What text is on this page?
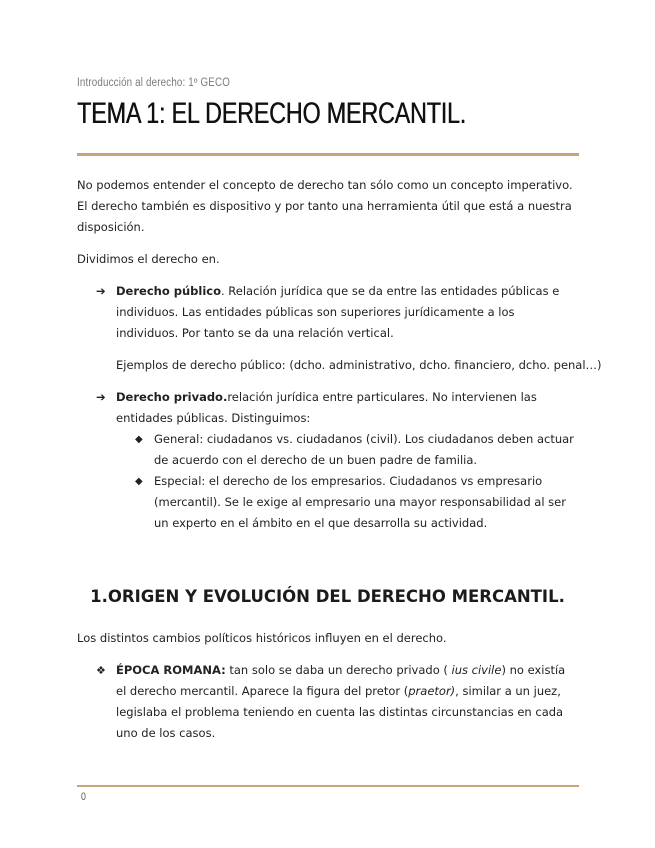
Introducción al derecho: 1º GECO
TEMA 1: EL DERECHO MERCANTIL.

No podemos entender el concepto de derecho tan sólo como un concepto imperativo. El derecho también es dispositivo y por tanto una herramienta útil que está a nuestra disposición.

Dividimos el derecho en.

➔ Derecho público. Relación jurídica que se da entre las entidades públicas e individuos. Las entidades públicas son superiores jurídicamente a los individuos. Por tanto se da una relación vertical.
Ejemplos de derecho público: (dcho. administrativo, dcho. financiero, dcho. penal…)
➔ Derecho privado.relación jurídica entre particulares. No intervienen las entidades públicas. Distinguimos:
◆ General: ciudadanos vs. ciudadanos (civil). Los ciudadanos deben actuar de acuerdo con el derecho de un buen padre de familia.
◆ Especial: el derecho de los empresarios. Ciudadanos vs empresario (mercantil). Se le exige al empresario una mayor responsabilidad al ser un experto en el ámbito en el que desarrolla su actividad.
1.ORIGEN Y EVOLUCIÓN DEL DERECHO MERCANTIL.

Los distintos cambios políticos históricos influyen en el derecho.

❖ ÉPOCA ROMANA: tan solo se daba un derecho privado ( ius civile) no existía el derecho mercantil. Aparece la figura del pretor (praetor), similar a un juez, legislaba el problema teniendo en cuenta las distintas circunstancias en cada uno de los casos.
0
